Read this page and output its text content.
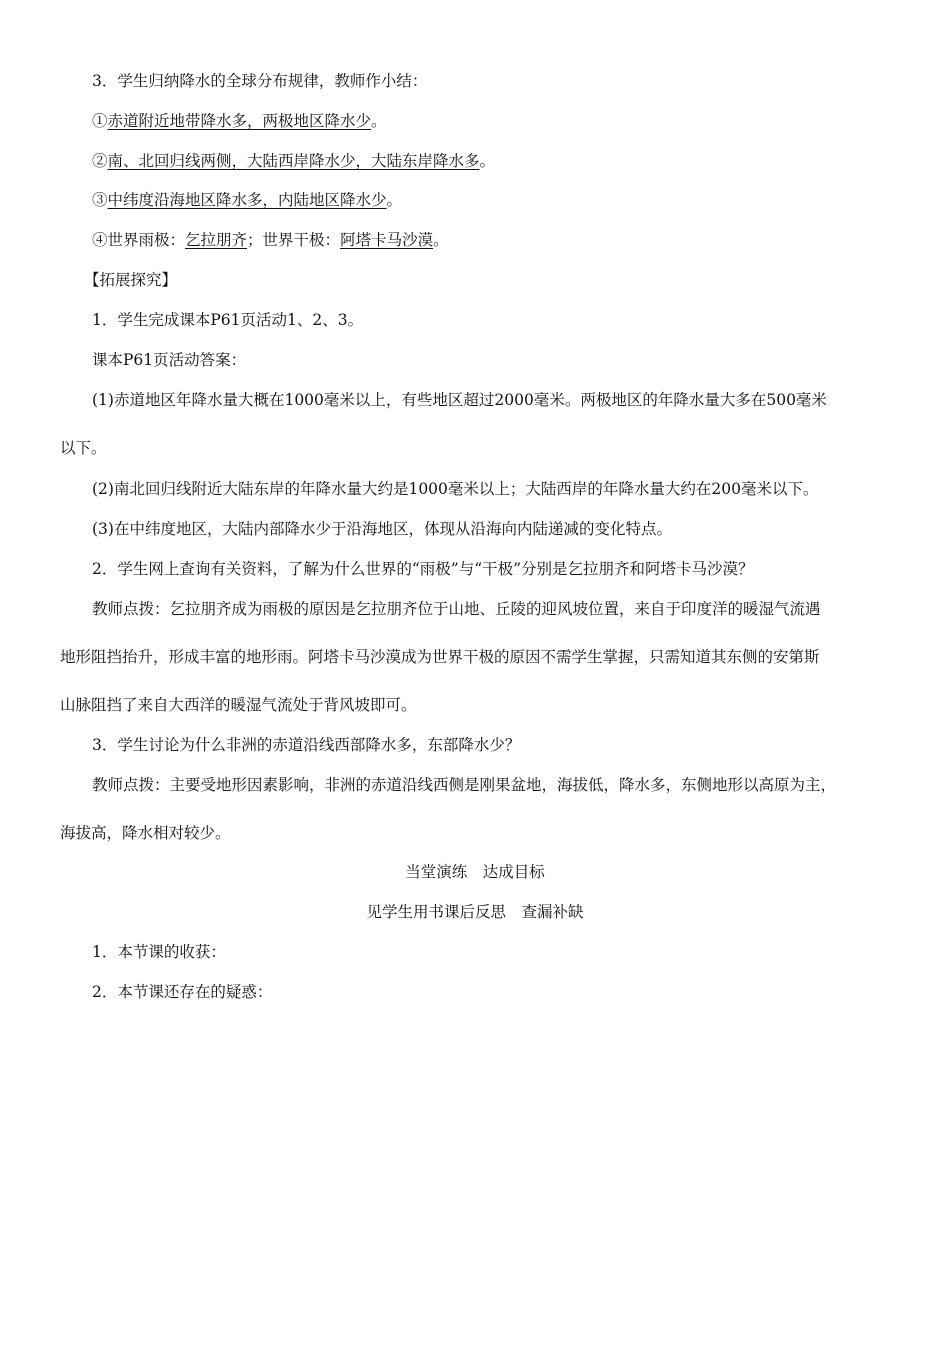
3．学生归纳降水的全球分布规律，教师作小结：
①赤道附近地带降水多，两极地区降水少。
②南、北回归线两侧，大陆西岸降水少，大陆东岸降水多。
③中纬度沿海地区降水多，内陆地区降水少。
④世界雨极：乞拉朋齐；世界干极：阿塔卡马沙漠。
【拓展探究】
1．学生完成课本P61页活动1、2、3。
课本P61页活动答案：
(1)赤道地区年降水量大概在1000毫米以上，有些地区超过2000毫米。两极地区的年降水量大多在500毫米
以下。
(2)南北回归线附近大陆东岸的年降水量大约是1000毫米以上；大陆西岸的年降水量大约在200毫米以下。
(3)在中纬度地区，大陆内部降水少于沿海地区，体现从沿海向内陆递减的变化特点。
2．学生网上查询有关资料，了解为什么世界的“雨极”与“干极”分别是乞拉朋齐和阿塔卡马沙漠？
教师点拨：乞拉朋齐成为雨极的原因是乞拉朋齐位于山地、丘陵的迎风坡位置，来自于印度洋的暖湿气流遇
地形阻挡抬升，形成丰富的地形雨。阿塔卡马沙漠成为世界干极的原因不需学生掌握，只需知道其东侧的安第斯
山脉阻挡了来自大西洋的暖湿气流处于背风坡即可。
3．学生讨论为什么非洲的赤道沿线西部降水多，东部降水少？
教师点拨：主要受地形因素影响，非洲的赤道沿线西侧是刚果盆地，海拔低，降水多，东侧地形以高原为主，
海拔高，降水相对较少。
当堂演练　达成目标
见学生用书课后反思　查漏补缺
1．本节课的收获：
2．本节课还存在的疑惑：
